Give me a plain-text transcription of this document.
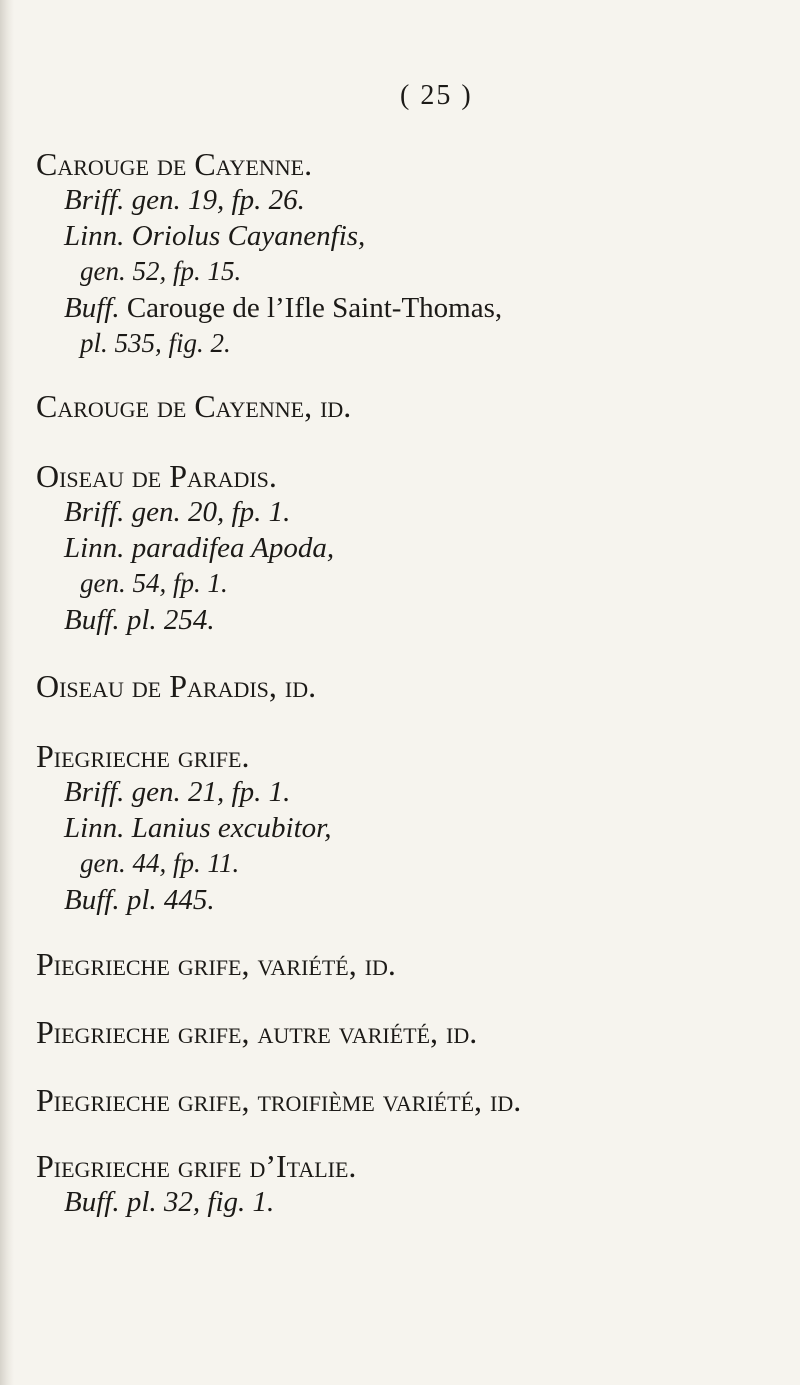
( 25 )
Carouge de Cayenne.
Briff. gen. 19, fp. 26.
Linn. Oriolus Cayanenfis,
gen. 52, fp. 15.
Buff. Carouge de l’Ifle Saint-Thomas,
pl. 535, fig. 2.
Carouge de Cayenne, id.
Oiseau de Paradis.
Briff. gen. 20, fp. 1.
Linn. paradifea Apoda,
gen. 54, fp. 1.
Buff. pl. 254.
Oiseau de Paradis, id.
Piegrieche grife.
Briff. gen. 21, fp. 1.
Linn. Lanius excubitor,
gen. 44, fp. 11.
Buff. pl. 445.
Piegrieche grife, variété, id.
Piegrieche grife, autre variété, id.
Piegrieche grife, troifième variété, id.
Piegrieche grife d’Italie.
Buff. pl. 32, fig. 1.
